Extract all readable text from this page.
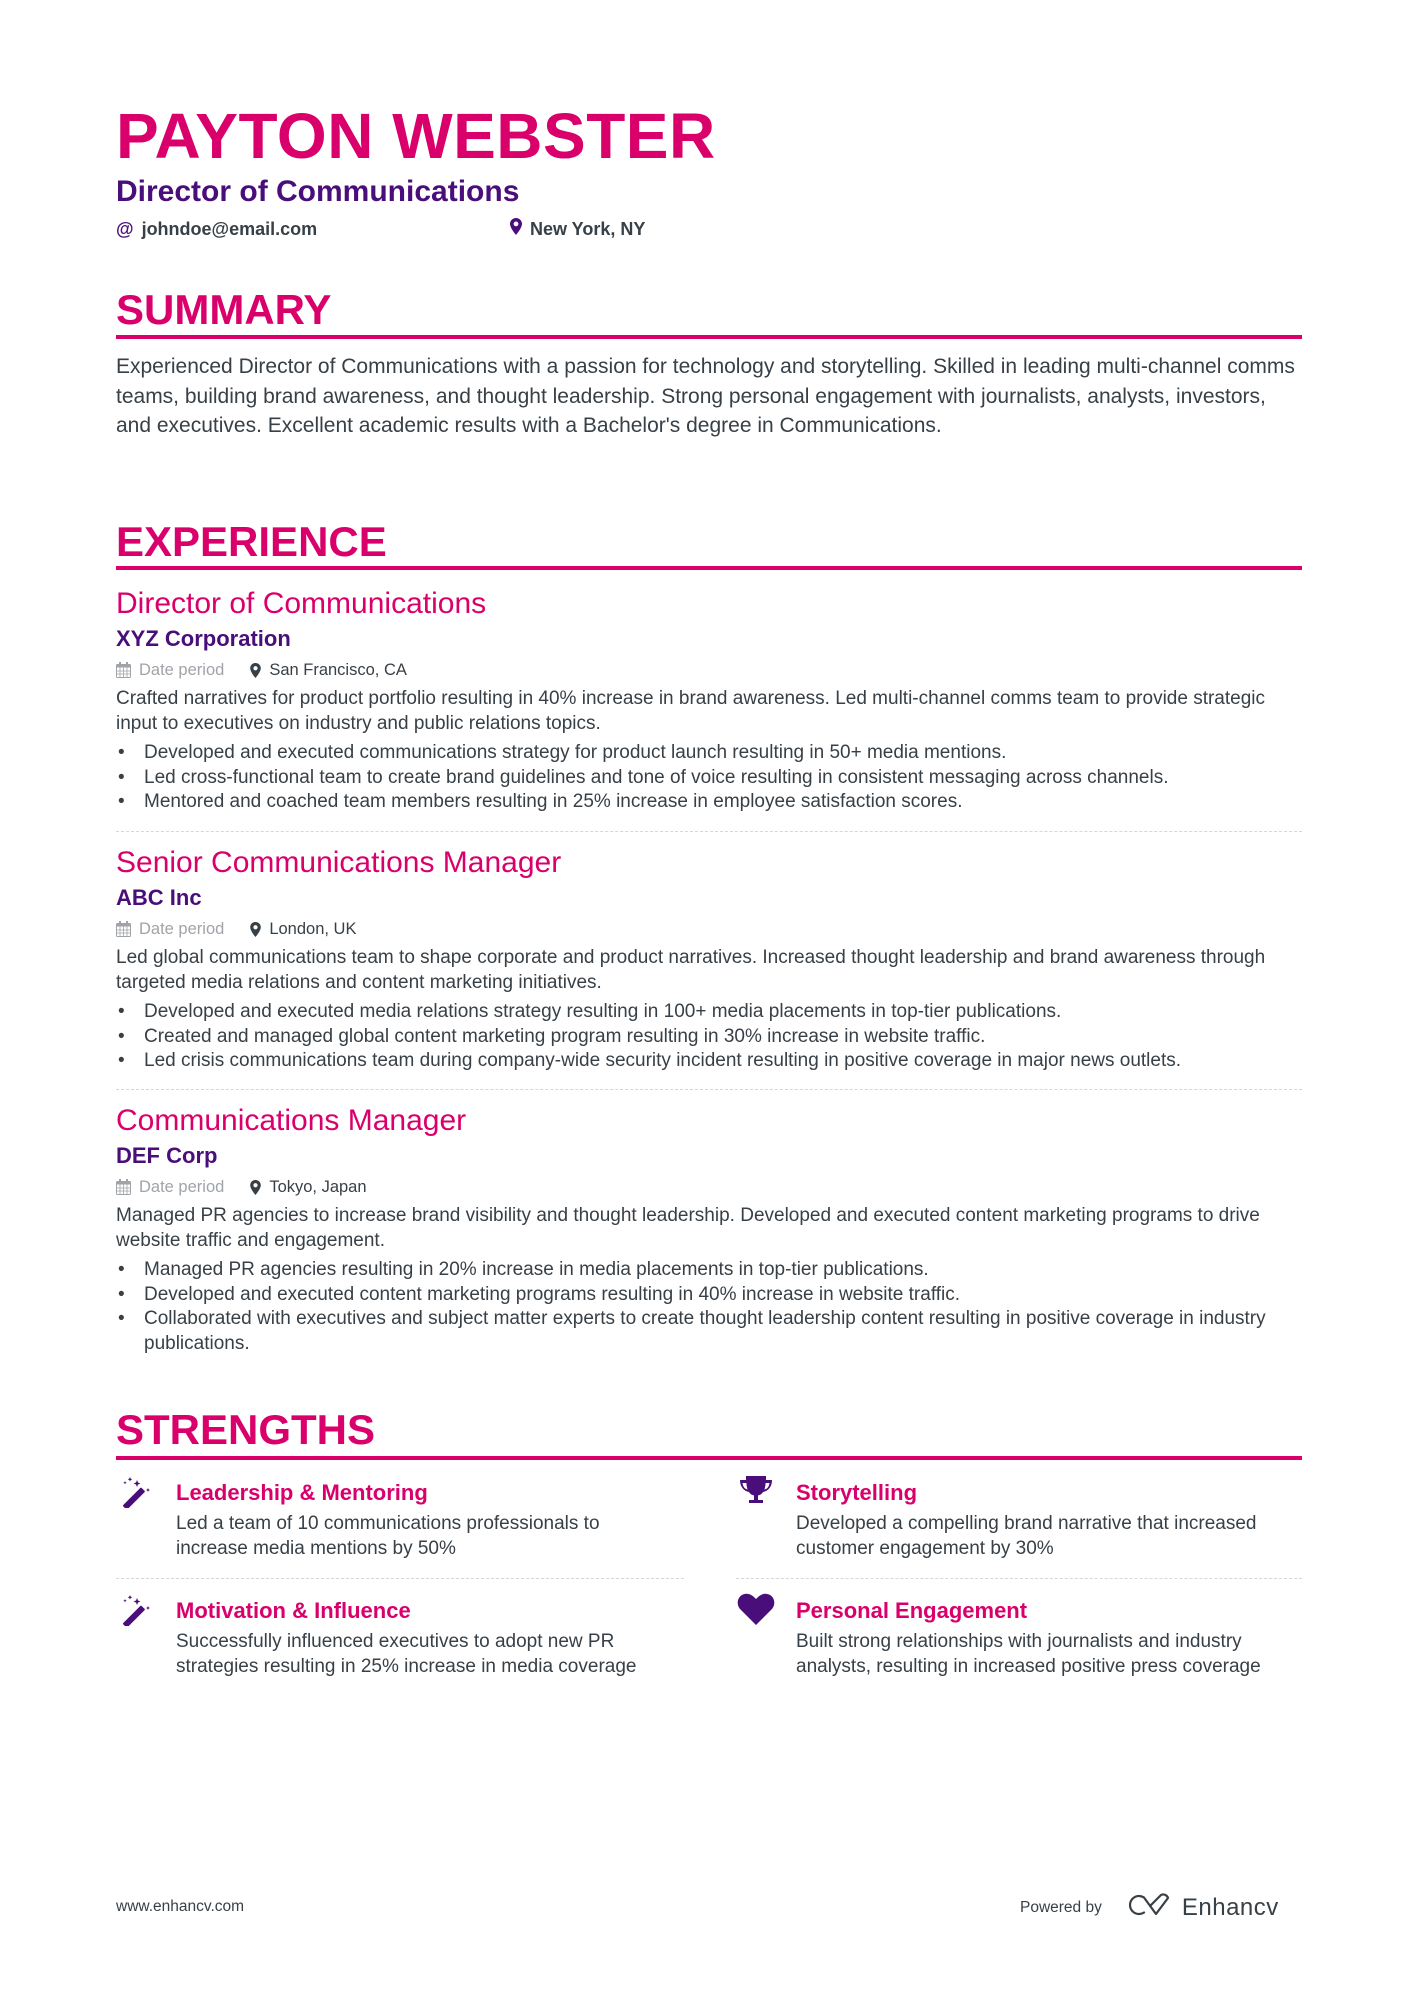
PAYTON WEBSTER
Director of Communications
@ johndoe@email.com	New York, NY
SUMMARY
Experienced Director of Communications with a passion for technology and storytelling. Skilled in leading multi-channel comms teams, building brand awareness, and thought leadership. Strong personal engagement with journalists, analysts, investors, and executives. Excellent academic results with a Bachelor's degree in Communications.
EXPERIENCE
Director of Communications
XYZ Corporation
Date period	San Francisco, CA
Crafted narratives for product portfolio resulting in 40% increase in brand awareness. Led multi-channel comms team to provide strategic input to executives on industry and public relations topics.
• Developed and executed communications strategy for product launch resulting in 50+ media mentions.
• Led cross-functional team to create brand guidelines and tone of voice resulting in consistent messaging across channels.
• Mentored and coached team members resulting in 25% increase in employee satisfaction scores.
Senior Communications Manager
ABC Inc
Date period	London, UK
Led global communications team to shape corporate and product narratives. Increased thought leadership and brand awareness through targeted media relations and content marketing initiatives.
• Developed and executed media relations strategy resulting in 100+ media placements in top-tier publications.
• Created and managed global content marketing program resulting in 30% increase in website traffic.
• Led crisis communications team during company-wide security incident resulting in positive coverage in major news outlets.
Communications Manager
DEF Corp
Date period	Tokyo, Japan
Managed PR agencies to increase brand visibility and thought leadership. Developed and executed content marketing programs to drive website traffic and engagement.
• Managed PR agencies resulting in 20% increase in media placements in top-tier publications.
• Developed and executed content marketing programs resulting in 40% increase in website traffic.
• Collaborated with executives and subject matter experts to create thought leadership content resulting in positive coverage in industry publications.
STRENGTHS
Leadership & Mentoring
Led a team of 10 communications professionals to increase media mentions by 50%
Storytelling
Developed a compelling brand narrative that increased customer engagement by 30%
Motivation & Influence
Successfully influenced executives to adopt new PR strategies resulting in 25% increase in media coverage
Personal Engagement
Built strong relationships with journalists and industry analysts, resulting in increased positive press coverage
www.enhancv.com	Powered by	Enhancv
